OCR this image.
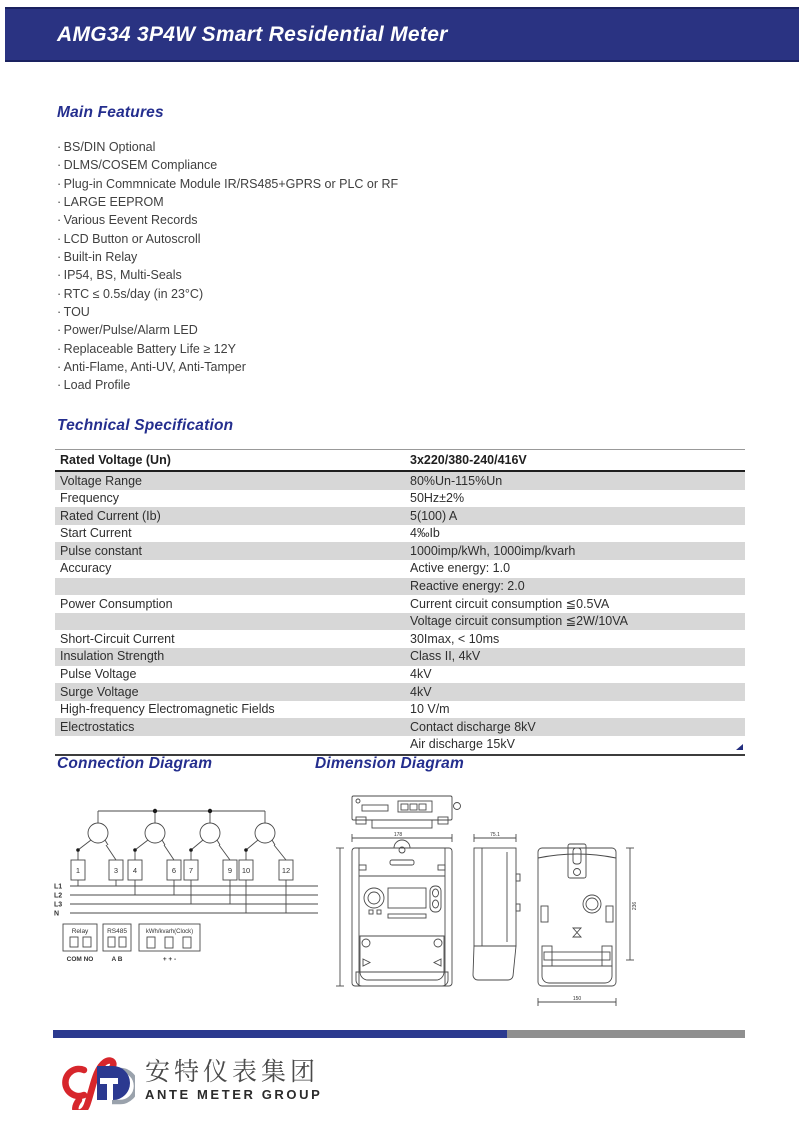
AMG34 3P4W Smart Residential Meter
Main Features
· BS/DIN Optional
· DLMS/COSEM Compliance
· Plug-in Commnicate Module IR/RS485+GPRS or PLC or RF
· LARGE EEPROM
· Various Eevent Records
· LCD Button or Autoscroll
· Built-in Relay
· IP54, BS, Multi-Seals
· RTC ≤ 0.5s/day (in 23°C)
· TOU
· Power/Pulse/Alarm LED
· Replaceable Battery Life ≥ 12Y
· Anti-Flame, Anti-UV, Anti-Tamper
· Load Profile
Technical Specification
Rated Voltage (Un)	3x220/380-240/416V
Voltage Range	80%Un-115%Un
Frequency	50Hz±2%
Rated Current (Ib)	5(100) A
Start Current	4‰Ib
Pulse constant	1000imp/kWh, 1000imp/kvarh
Accuracy	Active energy: 1.0
	Reactive energy: 2.0
Power Consumption	Current circuit consumption ≦0.5VA
	Voltage circuit consumption ≦2W/10VA
Short-Circuit Current	30Imax, < 10ms
Insulation Strength	Class II, 4kV
Pulse Voltage	4kV
Surge Voltage	4kV
High-frequency Electromagnetic Fields	10 V/m
Electrostatics	Contact discharge 8kV
	Air discharge 15kV
Connection Diagram	Dimension Diagram
1	3 4	6 7	9 10	12
L1
L2
L3
N
Relay
COM NO
RS485
A B
kWh/kvarh(Clock)
+ + -
178	75.1
236
150
安特仪表集团
ANTE METER GROUP
